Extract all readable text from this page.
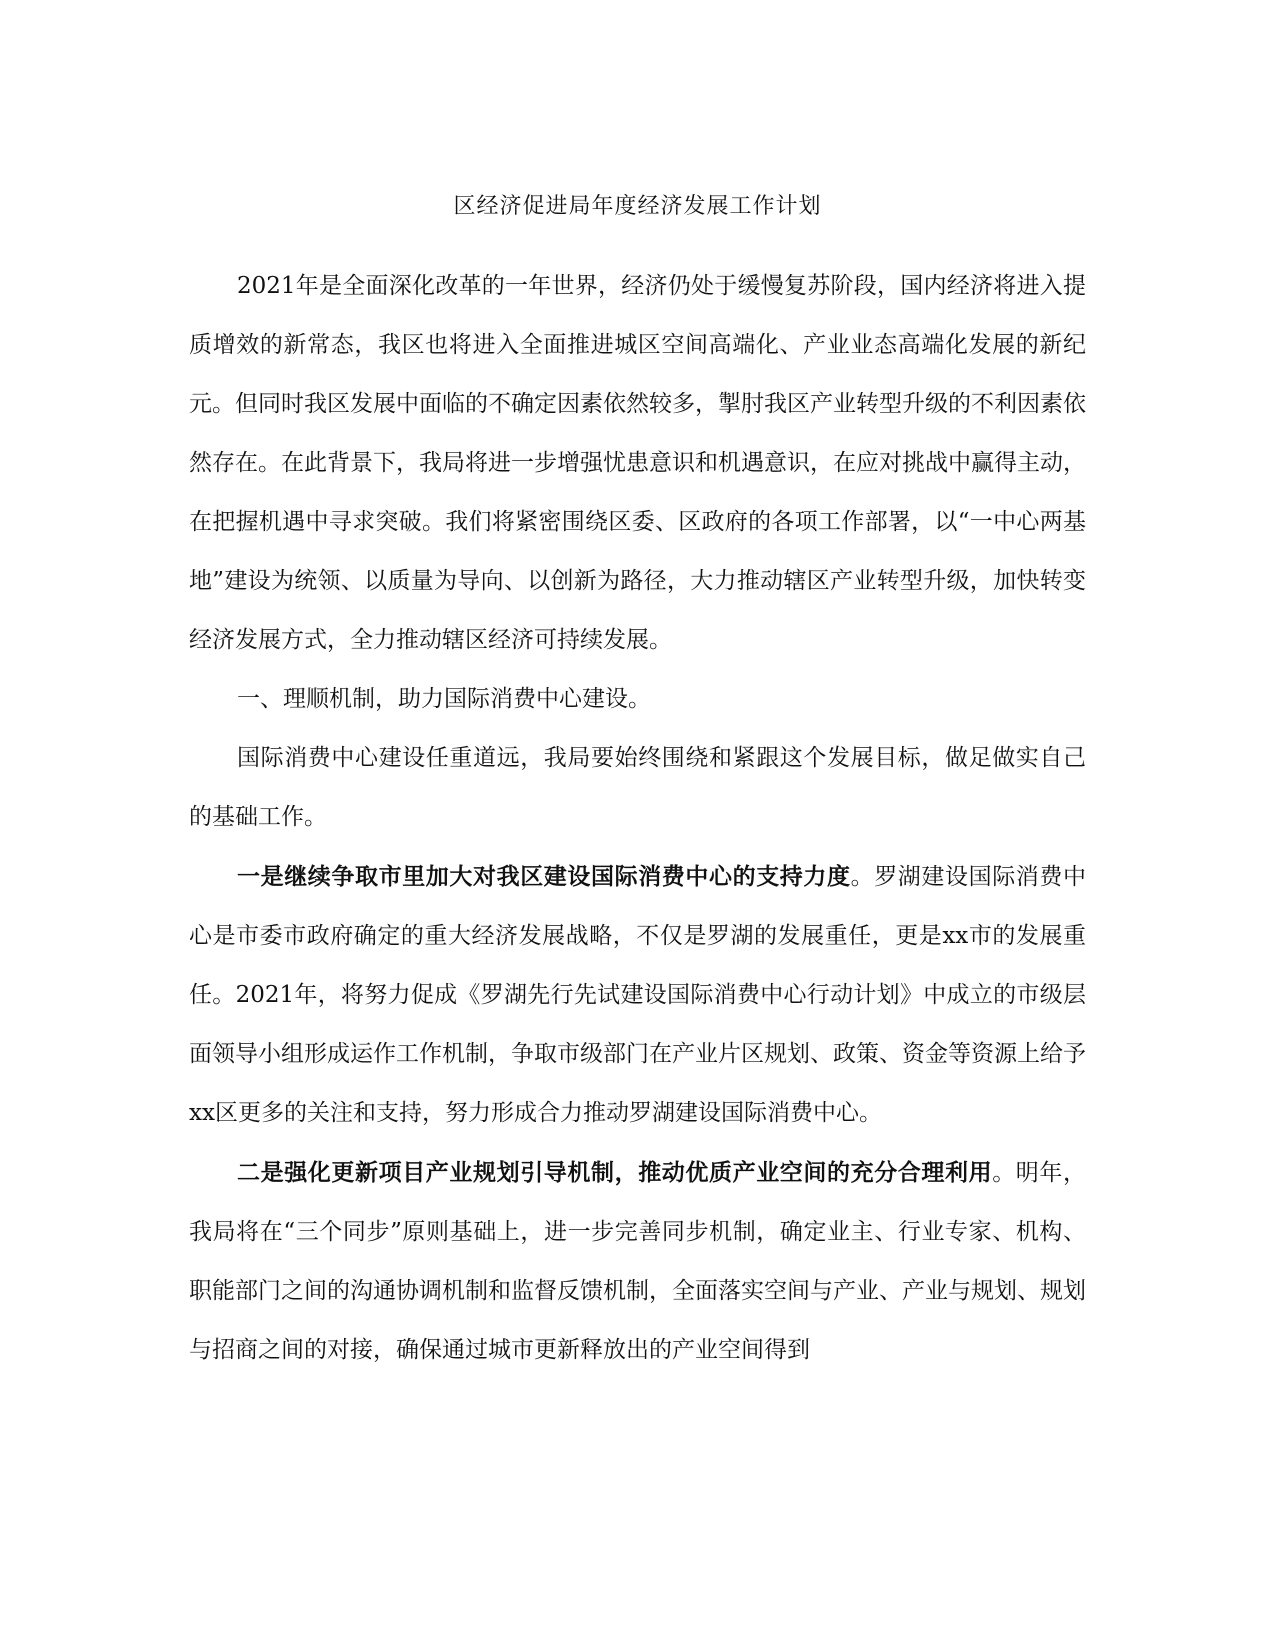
区经济促进局年度经济发展工作计划

2021年是全面深化改革的一年世界，经济仍处于缓慢复苏阶段，国内经济将进入提质增效的新常态，我区也将进入全面推进城区空间高端化、产业业态高端化发展的新纪元。但同时我区发展中面临的不确定因素依然较多，掣肘我区产业转型升级的不利因素依然存在。在此背景下，我局将进一步增强忧患意识和机遇意识，在应对挑战中赢得主动，在把握机遇中寻求突破。我们将紧密围绕区委、区政府的各项工作部署，以“一中心两基地”建设为统领、以质量为导向、以创新为路径，大力推动辖区产业转型升级，加快转变经济发展方式，全力推动辖区经济可持续发展。

一、理顺机制，助力国际消费中心建设。

国际消费中心建设任重道远，我局要始终围绕和紧跟这个发展目标，做足做实自己的基础工作。

一是继续争取市里加大对我区建设国际消费中心的支持力度。罗湖建设国际消费中心是市委市政府确定的重大经济发展战略，不仅是罗湖的发展重任，更是xx市的发展重任。2021年，将努力促成《罗湖先行先试建设国际消费中心行动计划》中成立的市级层面领导小组形成运作工作机制，争取市级部门在产业片区规划、政策、资金等资源上给予xx区更多的关注和支持，努力形成合力推动罗湖建设国际消费中心。

二是强化更新项目产业规划引导机制，推动优质产业空间的充分合理利用。明年，我局将在“三个同步”原则基础上，进一步完善同步机制，确定业主、行业专家、机构、职能部门之间的沟通协调机制和监督反馈机制，全面落实空间与产业、产业与规划、规划与招商之间的对接，确保通过城市更新释放出的产业空间得到
